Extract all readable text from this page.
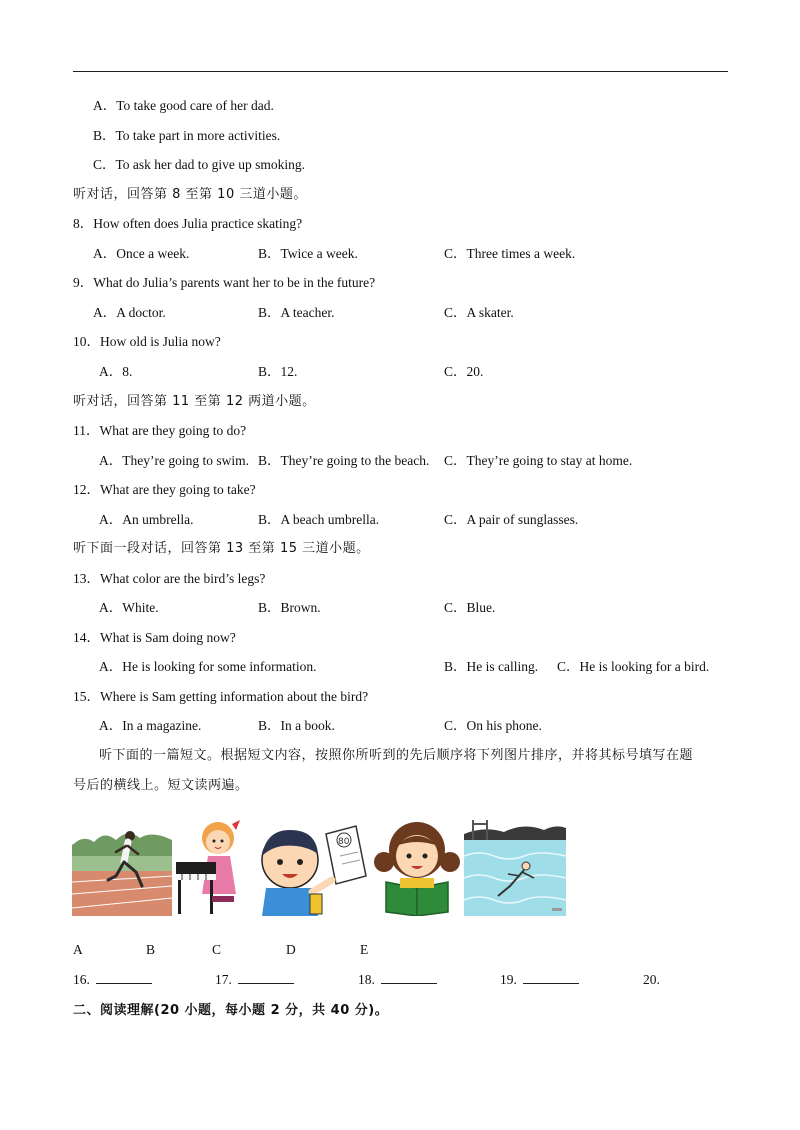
A．To take good care of her dad.
B．To take part in more activities.
C．To ask her dad to give up smoking.
听对话，回答第 8 至第 10 三道小题。
8．How often does Julia practice skating?
A．Once a week.	B．Twice a week.	C．Three times a week.
9．What do Julia’s parents want her to be in the future?
A．A doctor.	B．A teacher.	C．A skater.
10．How old is Julia now?
A．8.	B．12.	C．20.
听对话，回答第 11 至第 12 两道小题。
11．What are they going to do?
A．They’re going to swim. B．They’re going to the beach. C．They’re going to stay at home.
12．What are they going to take?
A．An umbrella.	B．A beach umbrella.	C．A pair of sunglasses.
听下面一段对话，回答第 13 至第 15 三道小题。
13．What color are the bird’s legs?
A．White.	B．Brown.	C．Blue.
14．What is Sam doing now?
A．He is looking for some information.	B．He is calling. C．He is looking for a bird.
15．Where is Sam getting information about the bird?
A．In a magazine.	B．In a book.	C．On his phone.
听下面的一篇短文。根据短文内容，按照你所听到的先后顺序将下列图片排序，并将其标号填写在题
号后的横线上。短文读两遍。
80
A	B	C	D	E
16.	17.	18.	19.	20.
二、阅读理解(20 小题，每小题 2 分，共 40 分)。
